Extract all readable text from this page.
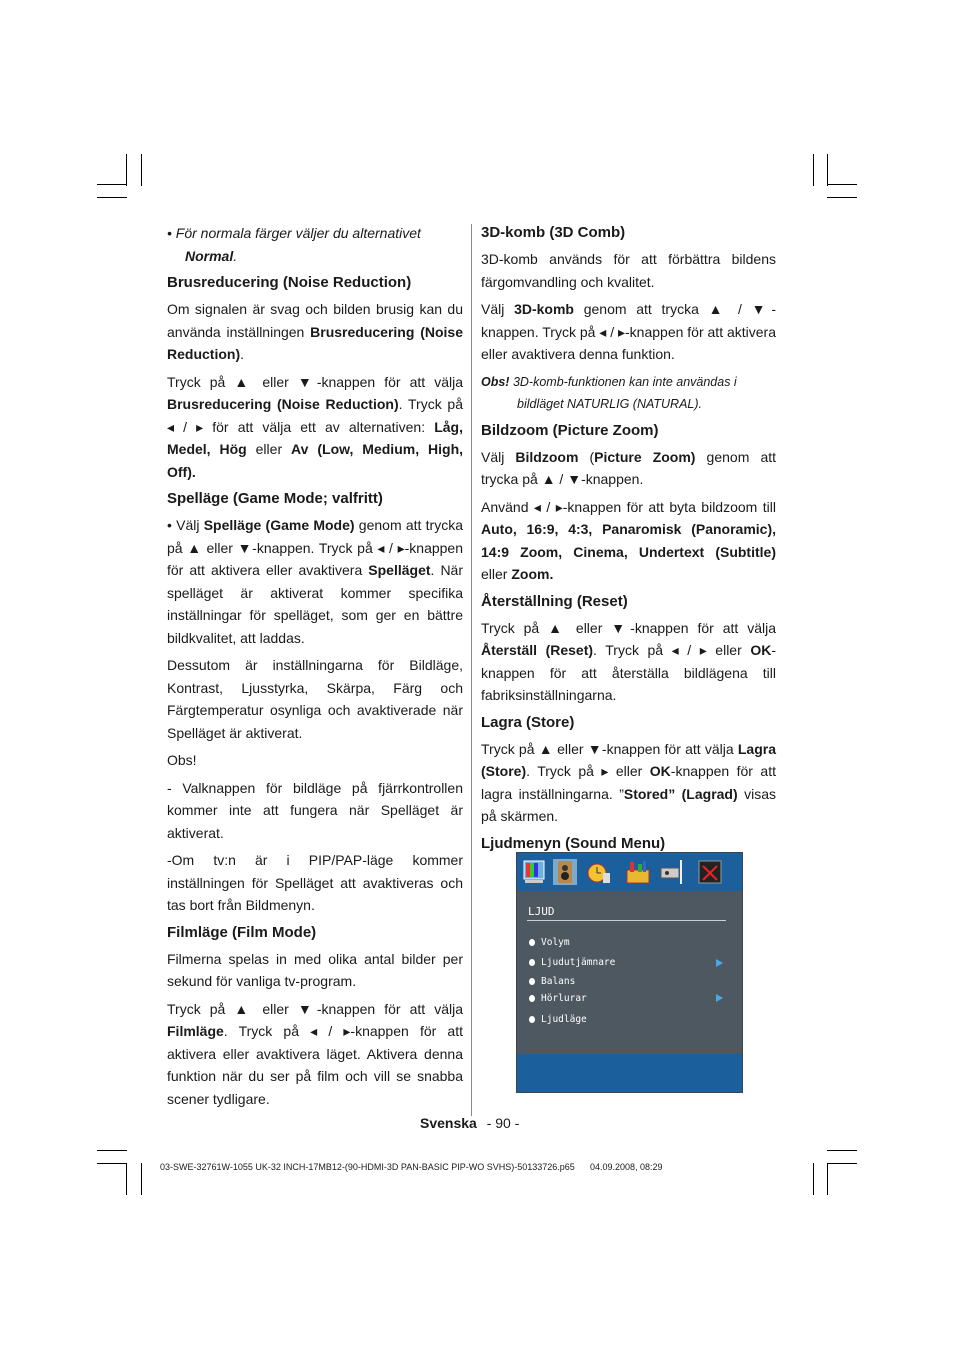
• För normala färger väljer du alternativet
Normal.

Brusreducering (Noise Reduction)

Om signalen är svag och bilden brusig kan du använda inställningen Brusreducering (Noise Reduction).

Tryck på ▲ eller ▼-knappen för att välja Brusreducering (Noise Reduction). Tryck på ◂ / ▸ för att välja ett av alternativen: Låg, Medel, Hög eller Av (Low, Medium, High, Off).

Spelläge (Game Mode; valfritt)

• Välj Spelläge (Game Mode) genom att trycka på ▲ eller ▼-knappen. Tryck på ◂ / ▸-knappen för att aktivera eller avaktivera Spelläget. När spelläget är aktiverat kommer specifika inställningar för spelläget, som ger en bättre bildkvalitet, att laddas.

Dessutom är inställningarna för Bildläge, Kontrast, Ljusstyrka, Skärpa, Färg och Färgtemperatur osynliga och avaktiverade när Spelläget är aktiverat.

Obs!

- Valknappen för bildläge på fjärrkontrollen kommer inte att fungera när Spelläget är aktiverat.

-Om tv:n är i PIP/PAP-läge kommer inställningen för Spelläget att avaktiveras och tas bort från Bildmenyn.

Filmläge (Film Mode)

Filmerna spelas in med olika antal bilder per sekund för vanliga tv-program.

Tryck på ▲ eller ▼-knappen för att välja Filmläge. Tryck på ◂ / ▸-knappen för att aktivera eller avaktivera läget. Aktivera denna funktion när du ser på film och vill se snabba scener tydligare.

3D-komb (3D Comb)

3D-komb används för att förbättra bildens färgomvandling och kvalitet.

Välj 3D-komb genom att trycka ▲ / ▼-knappen. Tryck på ◂ / ▸-knappen för att aktivera eller avaktivera denna funktion.

Obs! 3D-komb-funktionen kan inte användas i
bildläget NATURLIG (NATURAL).

Bildzoom (Picture Zoom)

Välj Bildzoom (Picture Zoom) genom att trycka på ▲ / ▼-knappen.

Använd ◂ / ▸-knappen för att byta bildzoom till Auto, 16:9, 4:3, Panaromisk (Panoramic), 14:9 Zoom, Cinema, Undertext (Subtitle) eller Zoom.

Återställning (Reset)

Tryck på ▲ eller ▼-knappen för att välja Återställ (Reset). Tryck på ◂ / ▸ eller OK-knappen för att återställa bildlägena till fabriksinställningarna.

Lagra (Store)

Tryck på ▲ eller ▼-knappen för att välja Lagra (Store). Tryck på ▸ eller OK-knappen för att lagra inställningarna. ”Stored” (Lagrad) visas på skärmen.

Ljudmenyn (Sound Menu)
LJUD
Volym
Ljudutjämnare
Balans
Hörlurar
Ljudläge
Svenska - 90 -
03-SWE-32761W-1055 UK-32 INCH-17MB12-(90-HDMI-3D PAN-BASIC PIP-WO SVHS)-50133726.p65 04.09.2008, 08:29
